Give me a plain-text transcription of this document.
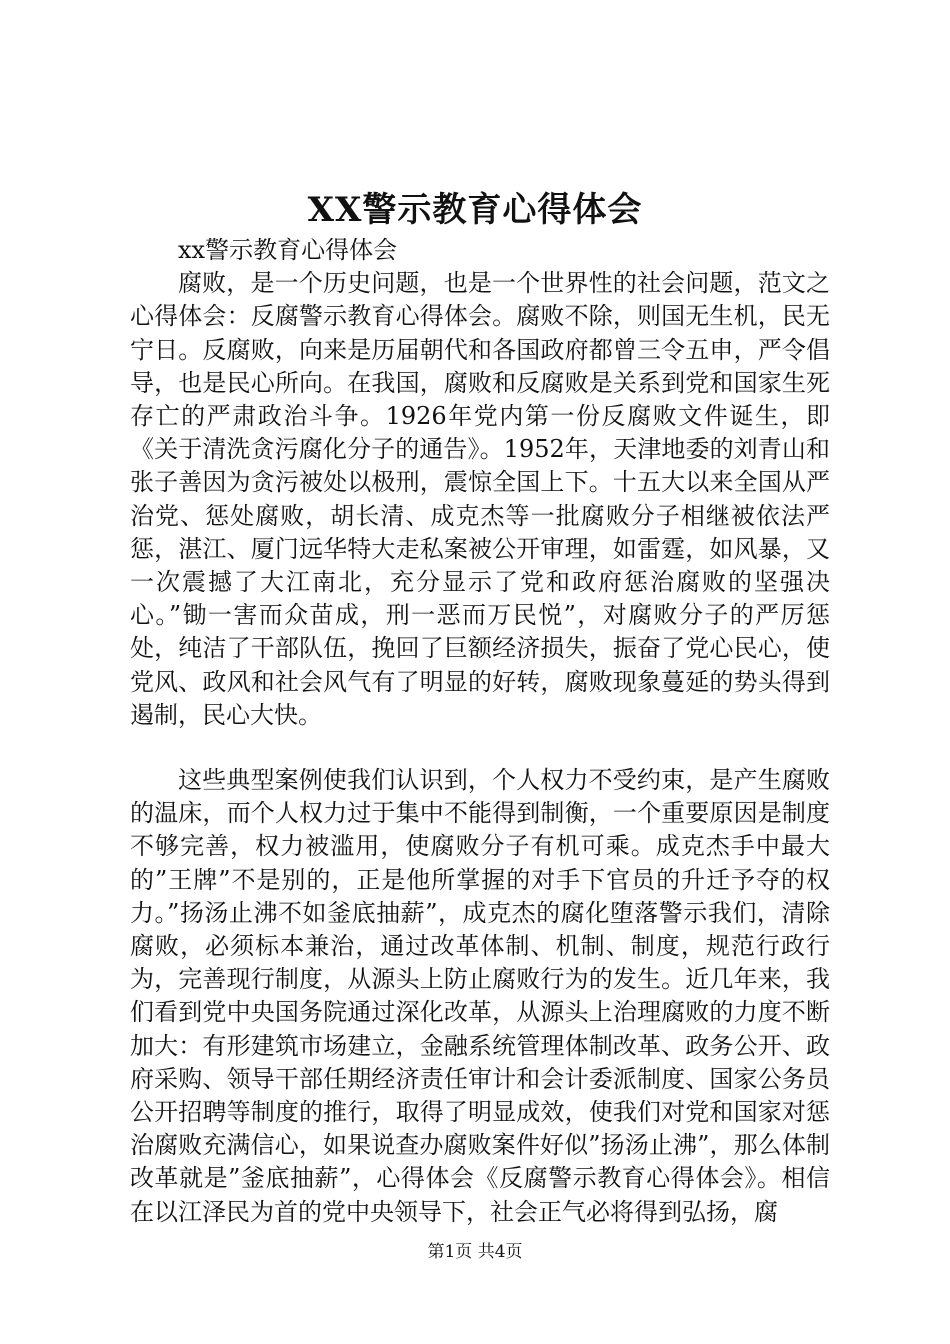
XX警示教育心得体会

xx警示教育心得体会

腐败，是一个历史问题，也是一个世界性的社会问题，范文之心得体会：反腐警示教育心得体会。腐败不除，则国无生机，民无宁日。反腐败，向来是历届朝代和各国政府都曾三令五申，严令倡导，也是民心所向。在我国，腐败和反腐败是关系到党和国家生死存亡的严肃政治斗争。1926年党内第一份反腐败文件诞生，即《关于清洗贪污腐化分子的通告》。1952年，天津地委的刘青山和张子善因为贪污被处以极刑，震惊全国上下。十五大以来全国从严治党、惩处腐败，胡长清、成克杰等一批腐败分子相继被依法严惩，湛江、厦门远华特大走私案被公开审理，如雷霆，如风暴，又一次震撼了大江南北，充分显示了党和政府惩治腐败的坚强决心。”锄一害而众苗成，刑一恶而万民悦”，对腐败分子的严厉惩处，纯洁了干部队伍，挽回了巨额经济损失，振奋了党心民心，使党风、政风和社会风气有了明显的好转，腐败现象蔓延的势头得到遏制，民心大快。

这些典型案例使我们认识到，个人权力不受约束，是产生腐败的温床，而个人权力过于集中不能得到制衡，一个重要原因是制度不够完善，权力被滥用，使腐败分子有机可乘。成克杰手中最大的”王牌”不是别的，正是他所掌握的对手下官员的升迁予夺的权力。”扬汤止沸不如釜底抽薪”，成克杰的腐化堕落警示我们，清除腐败，必须标本兼治，通过改革体制、机制、制度，规范行政行为，完善现行制度，从源头上防止腐败行为的发生。近几年来，我们看到党中央国务院通过深化改革，从源头上治理腐败的力度不断加大：有形建筑市场建立，金融系统管理体制改革、政务公开、政府采购、领导干部任期经济责任审计和会计委派制度、国家公务员公开招聘等制度的推行，取得了明显成效，使我们对党和国家对惩治腐败充满信心，如果说查办腐败案件好似”扬汤止沸”，那么体制改革就是”釜底抽薪”，心得体会《反腐警示教育心得体会》。相信在以江泽民为首的党中央领导下，社会正气必将得到弘扬，腐

第1页 共4页
